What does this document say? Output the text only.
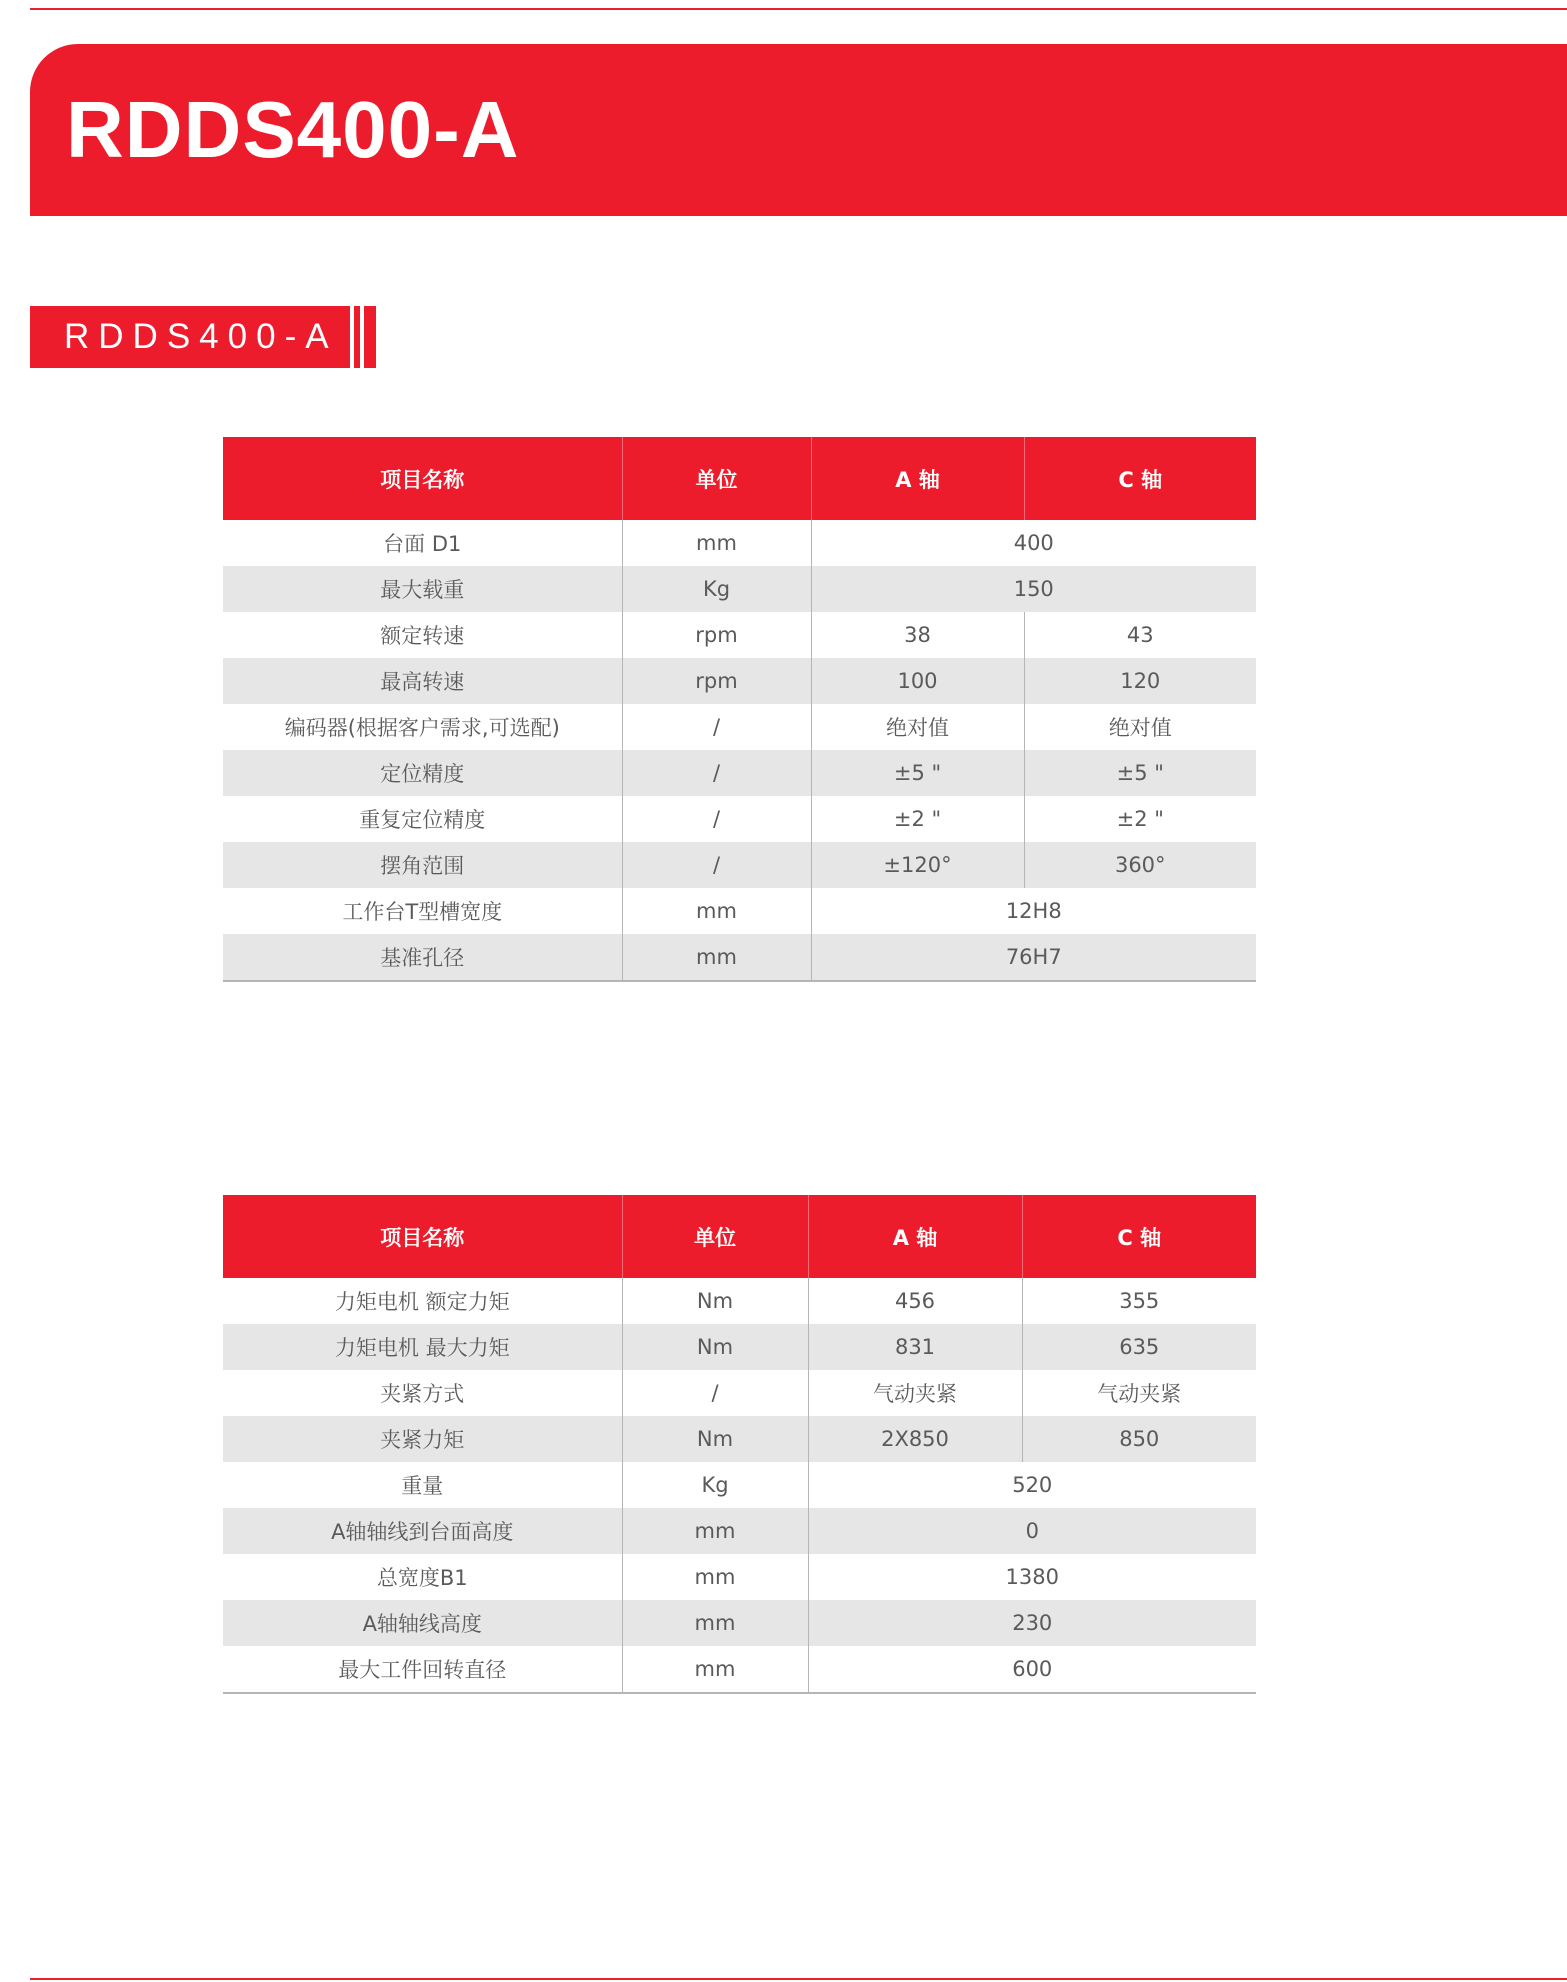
RDDS400-A
RDDS400-A
项目名称	单位	A 轴	C 轴
台面 D1	mm	400	
最大载重	Kg	150	
额定转速	rpm	38	43
最高转速	rpm	100	120
编码器(根据客户需求,可选配)	/	绝对值	绝对值
定位精度	/	±5 "	±5 "
重复定位精度	/	±2 "	±2 "
摆角范围	/	±120°	360°
工作台T型槽宽度	mm	12H8	
基准孔径	mm	76H7	
项目名称	单位	A 轴	C 轴
力矩电机 额定力矩	Nm	456	355
力矩电机 最大力矩	Nm	831	635
夹紧方式	/	气动夹紧	气动夹紧
夹紧力矩	Nm	2X850	850
重量	Kg	520	
A轴轴线到台面高度	mm	0	
总宽度B1	mm	1380	
A轴轴线高度	mm	230	
最大工件回转直径	mm	600	
